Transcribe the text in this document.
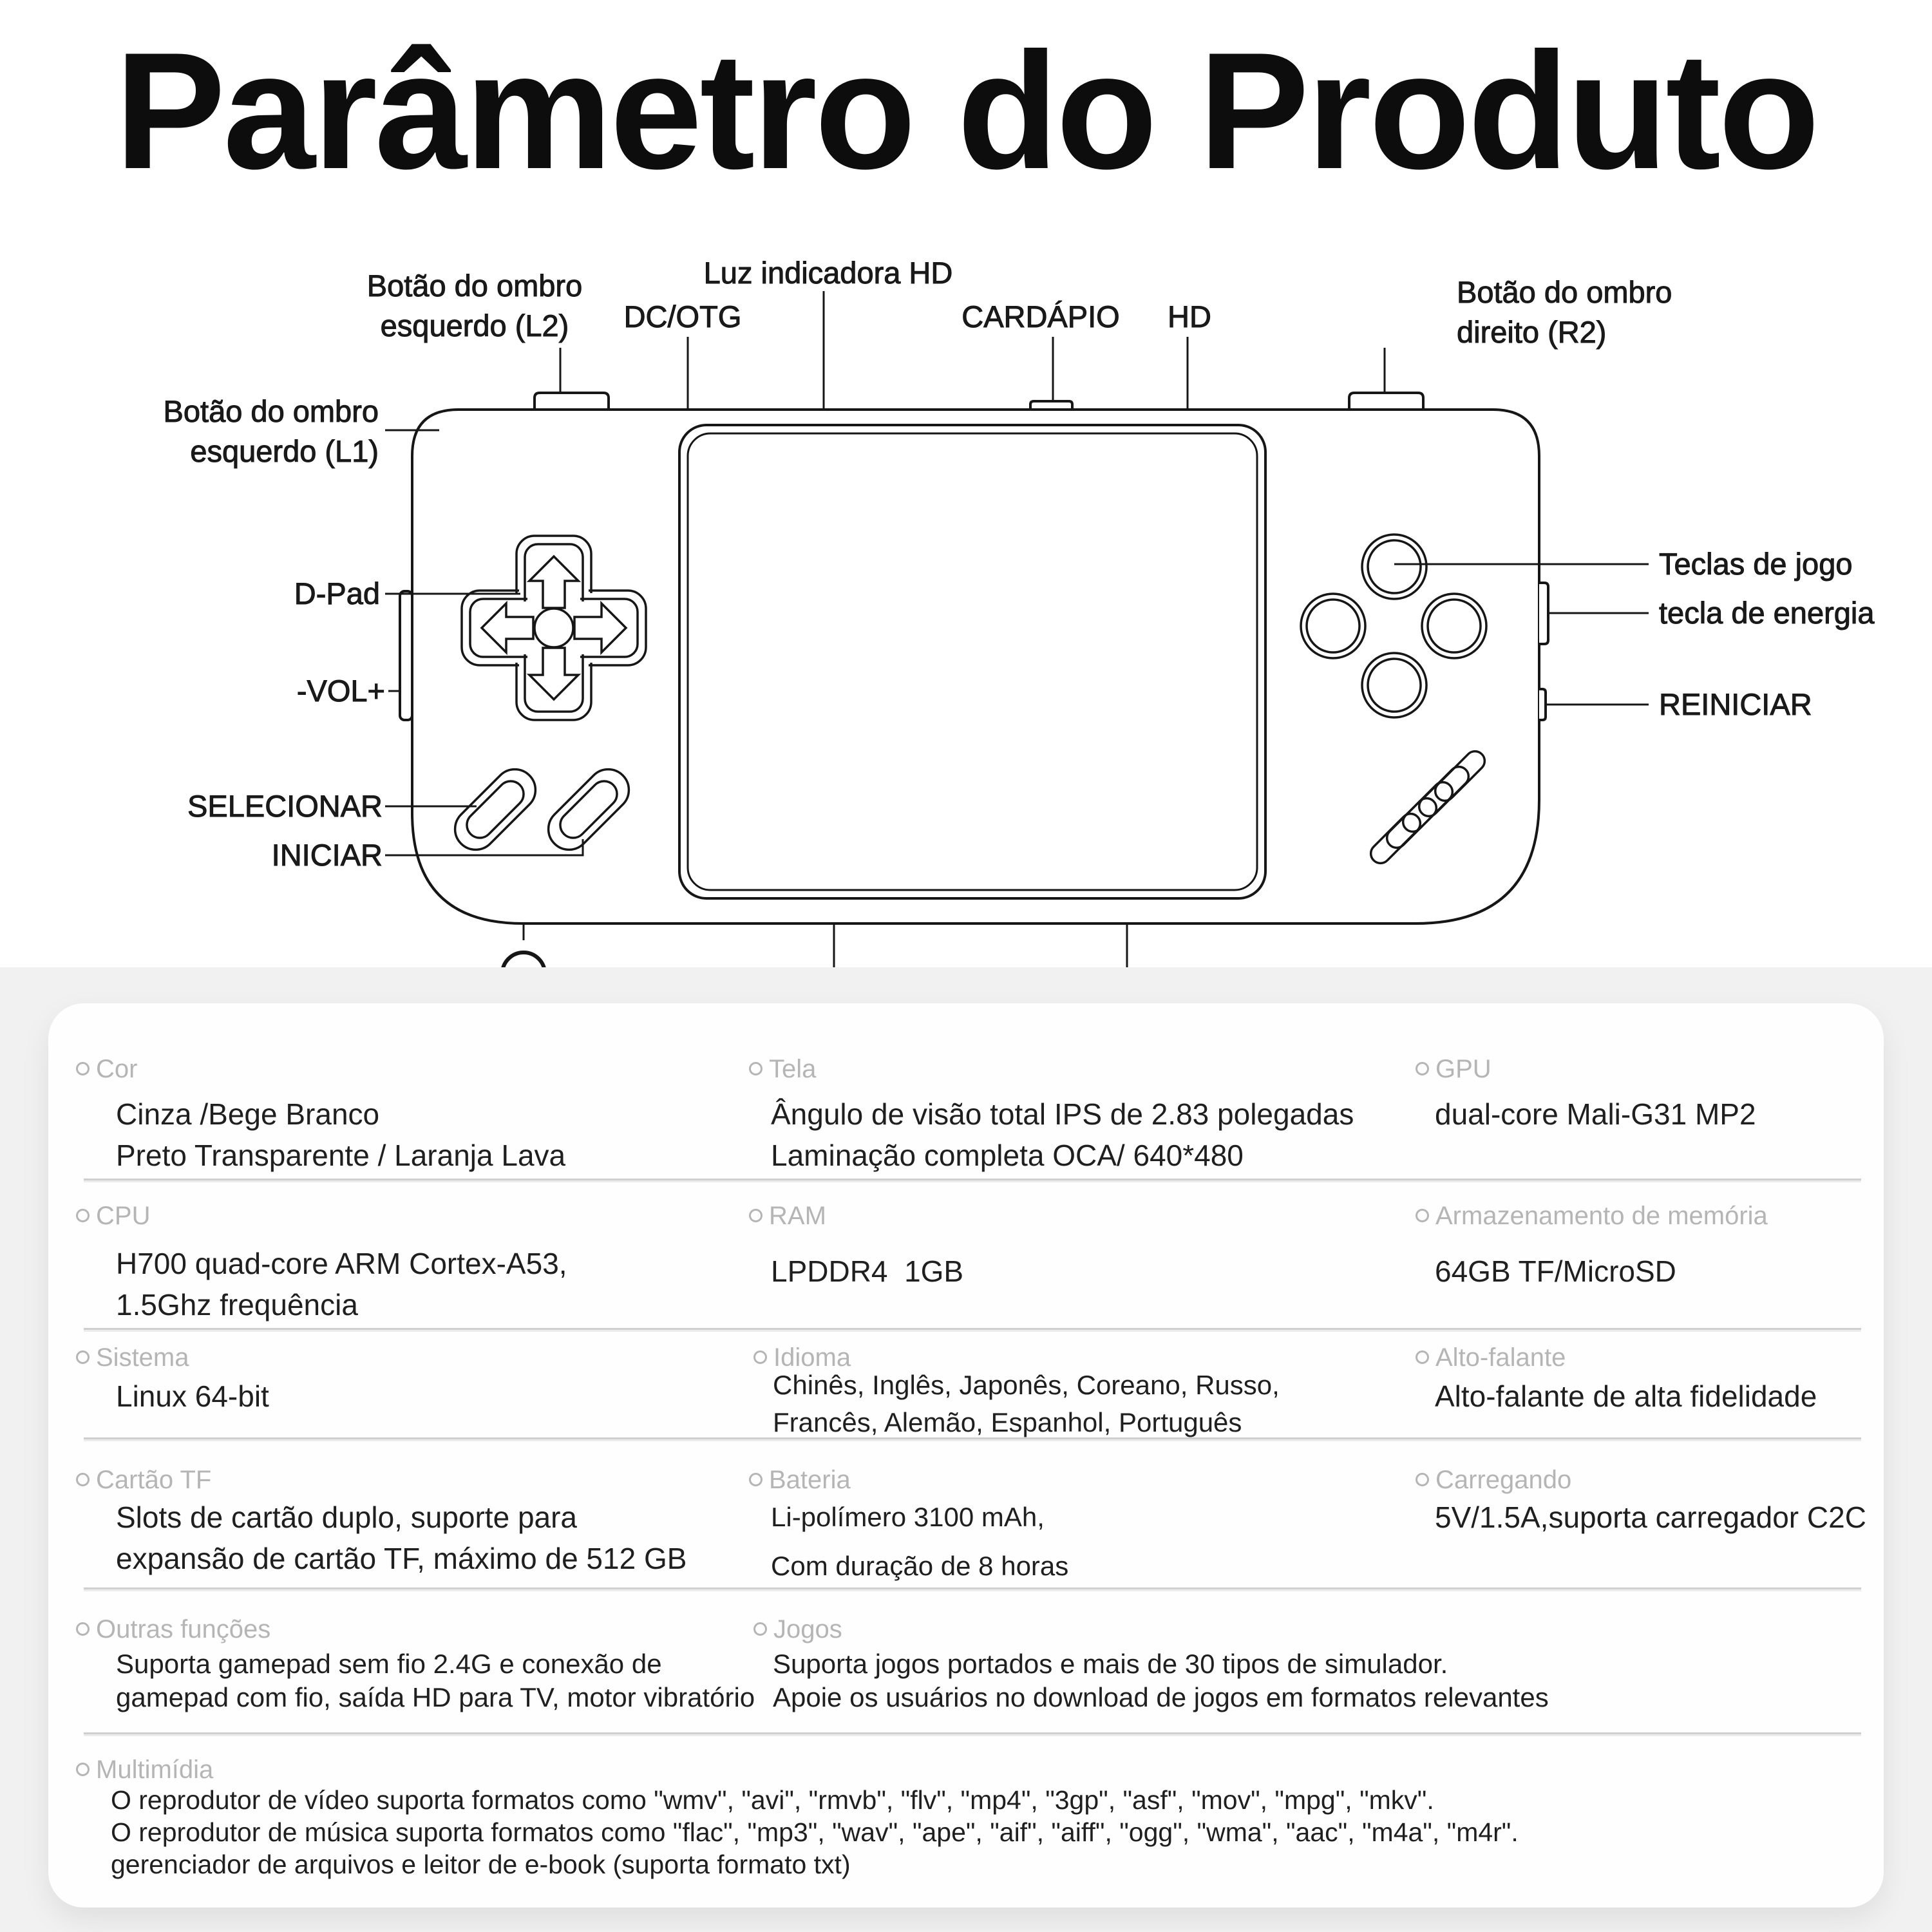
Parâmetro do Produto
Botão do ombro
esquerdo (L2) DC/OTG
Luz indicadora HD
CARDÁPIO HD
Botão do ombro
direito (R2)
Botão do ombro
esquerdo (L1)
D-Pad
-VOL+
SELECIONAR
INICIAR
Teclas de jogo
tecla de energia
REINICIAR
Cor
Cinza /Bege Branco
Preto Transparente / Laranja Lava
Tela
Ângulo de visão total IPS de 2.83 polegadas
Laminação completa OCA/ 640*480
GPU
dual-core Mali-G31 MP2
CPU
H700 quad-core ARM Cortex-A53,
1.5Ghz frequência
RAM
LPDDR4  1GB
Armazenamento de memória
64GB TF/MicroSD
Sistema
Linux 64-bit
Idioma
Chinês, Inglês, Japonês, Coreano, Russo,
Francês, Alemão, Espanhol, Português
Alto-falante
Alto-falante de alta fidelidade
Cartão TF
Slots de cartão duplo, suporte para
expansão de cartão TF, máximo de 512 GB
Bateria
Li-polímero 3100 mAh,
Com duração de 8 horas
Carregando
5V/1.5A,suporta carregador C2C
Outras funções
Suporta gamepad sem fio 2.4G e conexão de
gamepad com fio, saída HD para TV, motor vibratório
Jogos
Suporta jogos portados e mais de 30 tipos de simulador.
Apoie os usuários no download de jogos em formatos relevantes
Multimídia
O reprodutor de vídeo suporta formatos como "wmv", "avi", "rmvb", "flv", "mp4", "3gp", "asf", "mov", "mpg", "mkv".
O reprodutor de música suporta formatos como "flac", "mp3", "wav", "ape", "aif", "aiff", "ogg", "wma", "aac", "m4a", "m4r".
gerenciador de arquivos e leitor de e-book (suporta formato txt)
